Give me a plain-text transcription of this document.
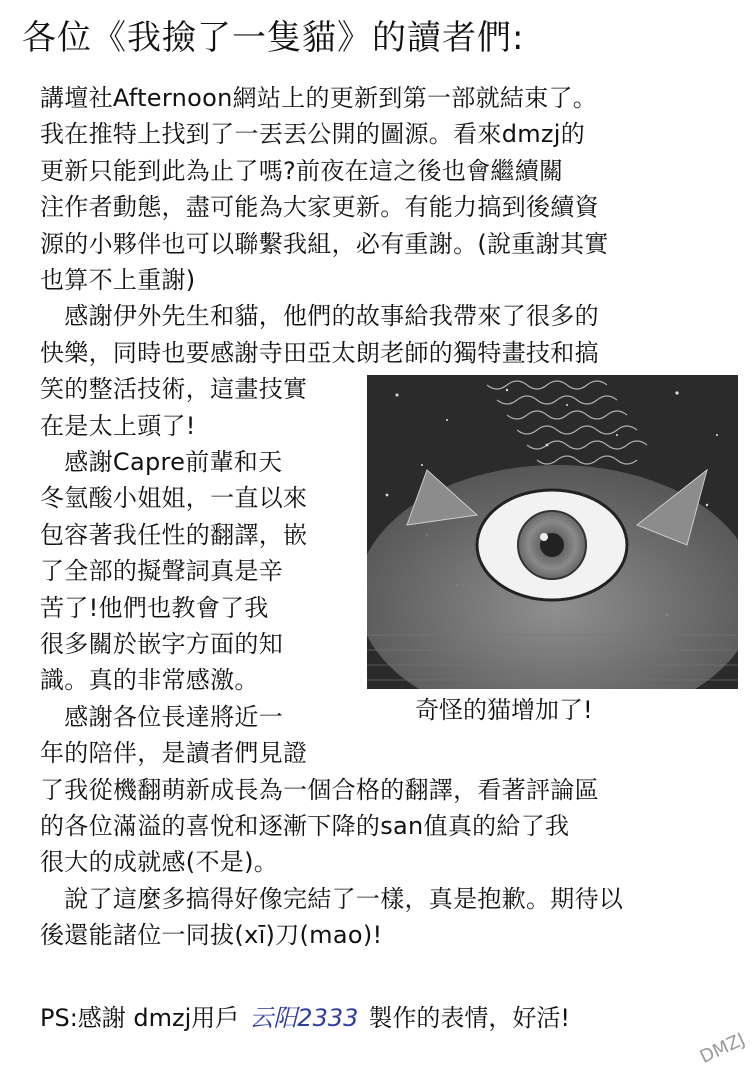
各位《我撿了一隻貓》的讀者們:
講壇社Afternoon網站上的更新到第一部就結束了。
我在推特上找到了一丟丟公開的圖源。看來dmzj的
更新只能到此為止了嗎?前夜在這之後也會繼續關
注作者動態，盡可能為大家更新。有能力搞到後續資
源的小夥伴也可以聯繫我組，必有重謝。(說重謝其實
也算不上重謝)
　感謝伊外先生和貓，他們的故事給我帶來了很多的
快樂，同時也要感謝寺田亞太朗老師的獨特畫技和搞
笑的整活技術，這畫技實
在是太上頭了!
　感謝Capre前輩和天
冬氫酸小姐姐，一直以來
包容著我任性的翻譯，嵌
了全部的擬聲詞真是辛
苦了!他們也教會了我
很多關於嵌字方面的知
識。真的非常感激。
　感謝各位長達將近一
年的陪伴，是讀者們見證
了我從機翻萌新成長為一個合格的翻譯，看著評論區
的各位滿溢的喜悅和逐漸下降的san值真的給了我
很大的成就感(不是)。
　說了這麼多搞得好像完結了一樣，真是抱歉。期待以
後還能諸位一同拔(xī)刀(mao)!
奇怪的猫增加了!
PS:感謝 dmzj用戶 云阳2333 製作的表情，好活!
DMZJ
